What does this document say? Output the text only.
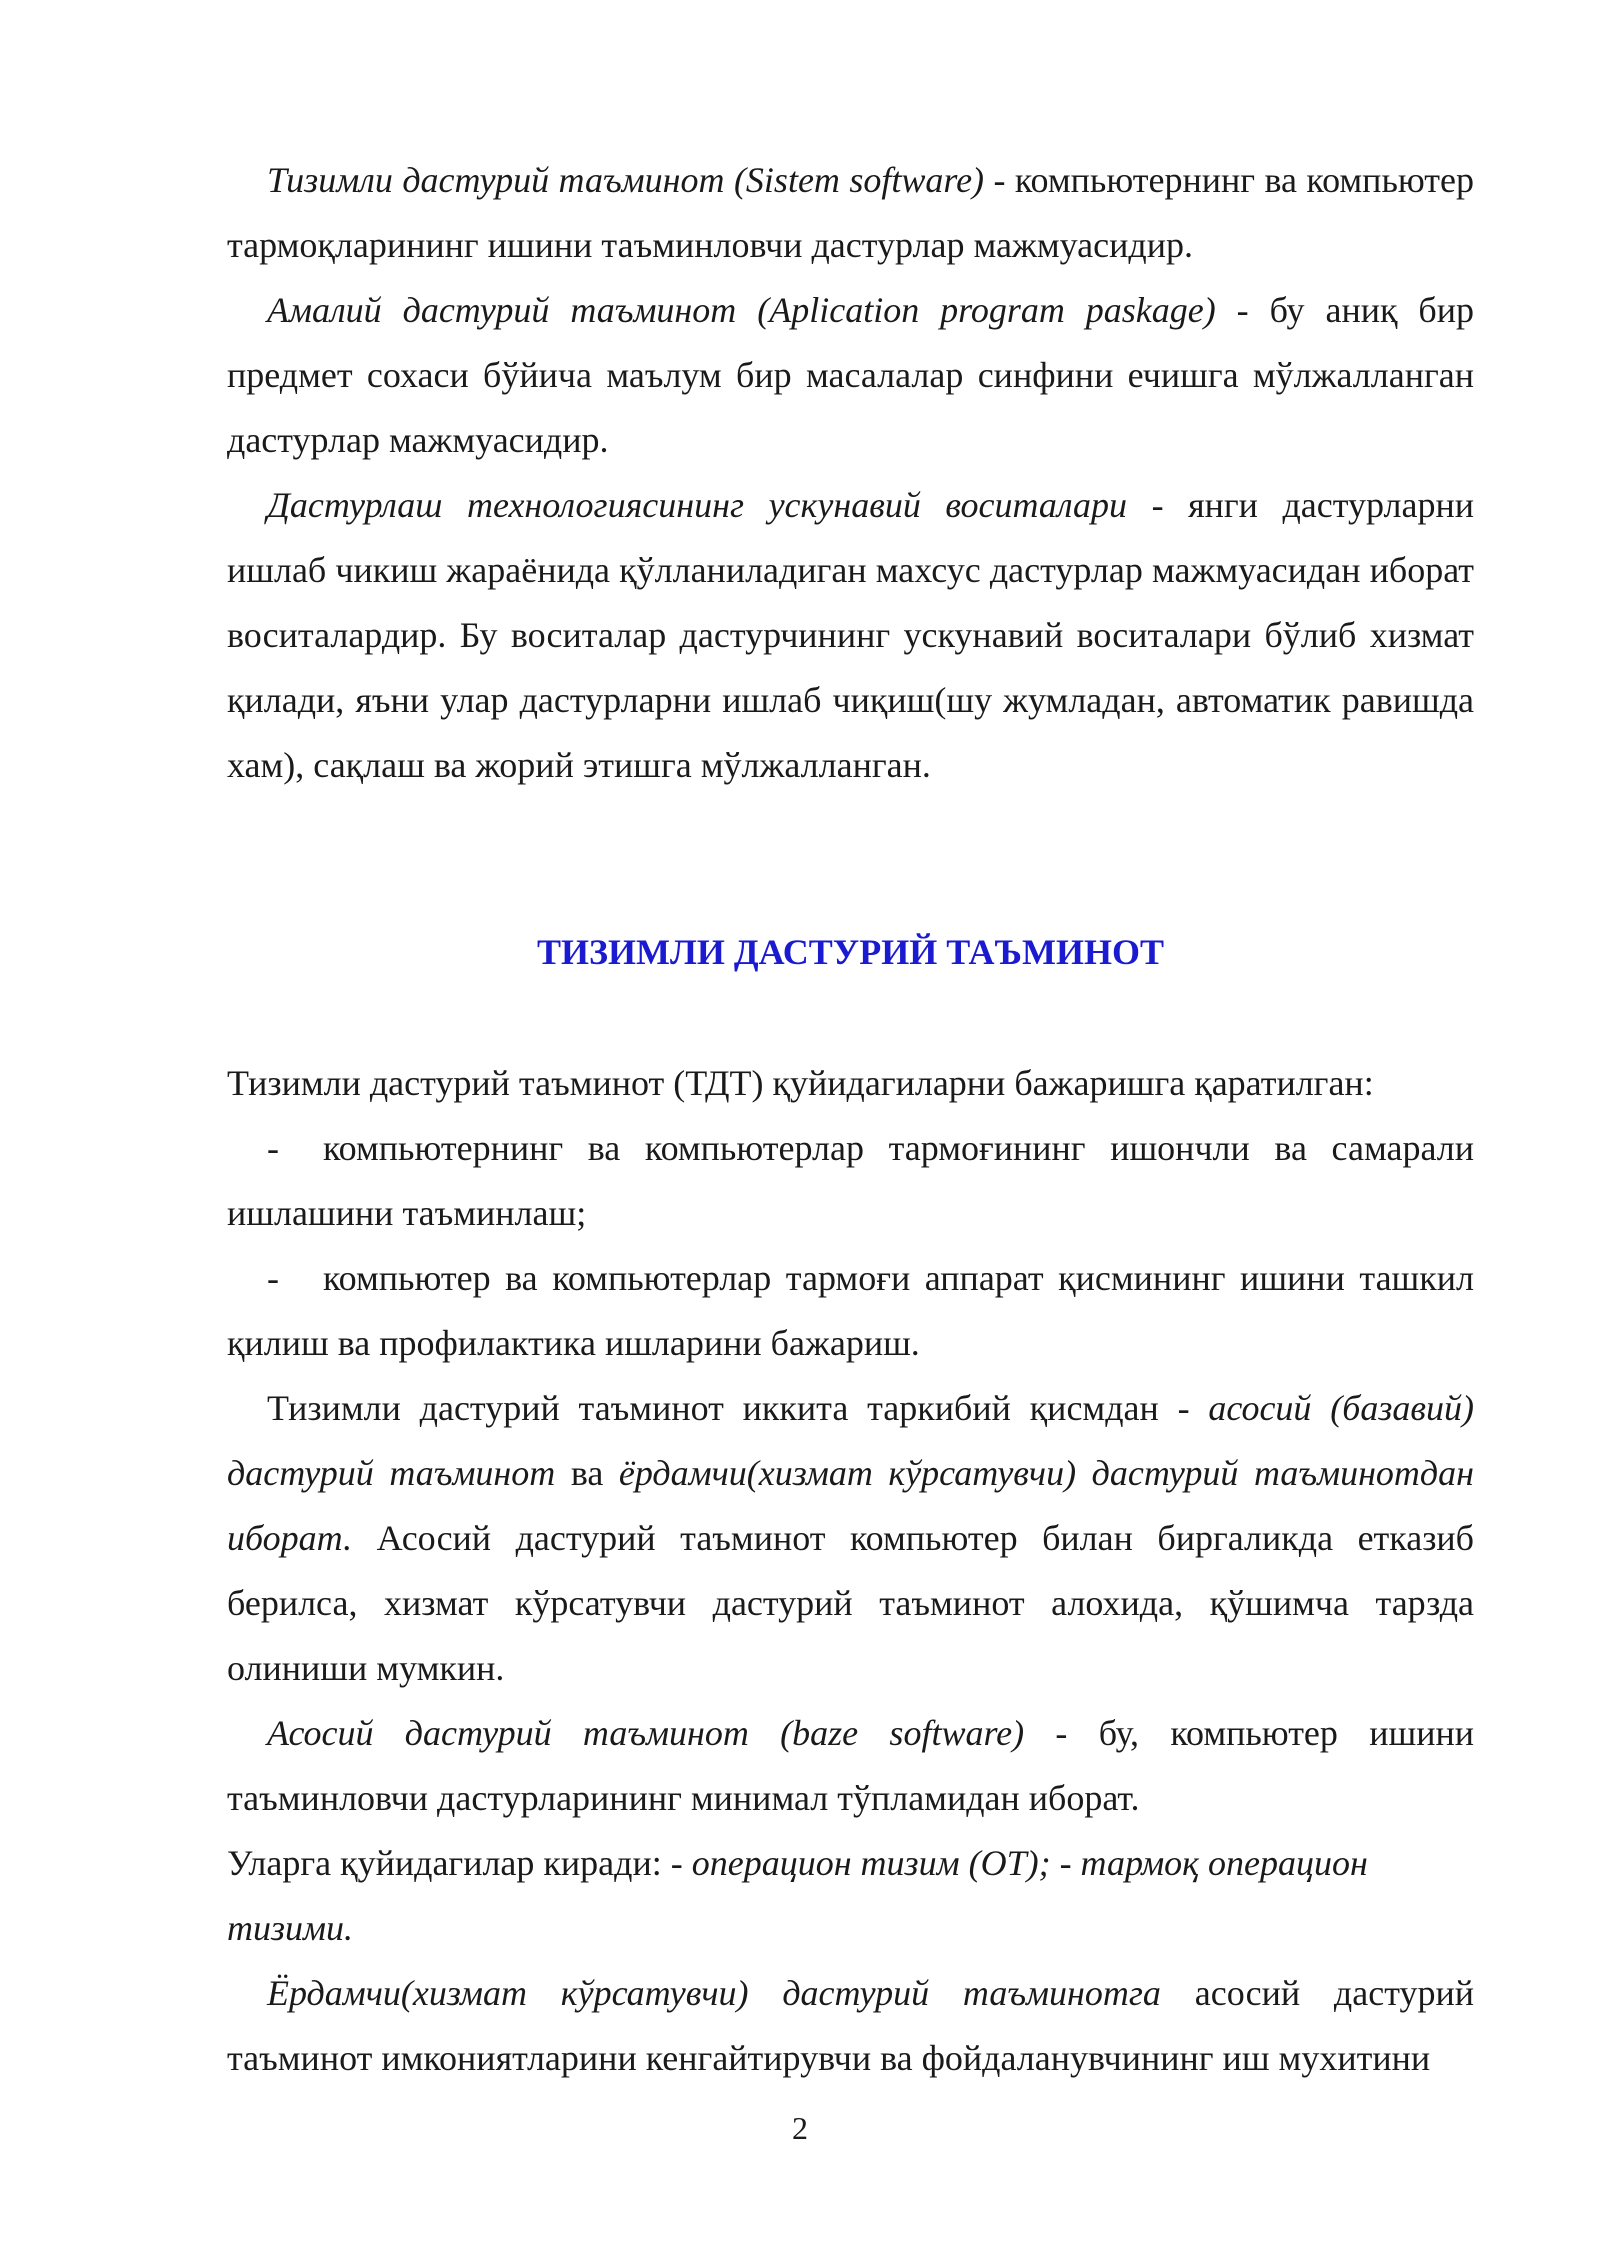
Тизимли дастурий таъминот (Sistem software) - компьютернинг ва компьютер тармоқларининг ишини таъминловчи дастурлар мажмуасидир.

Амалий дастурий таъминот (Aplication program paskage) - бу аниқ бир предмет сохаси бўйича маълум бир масалалар синфини ечишга мўлжалланган дастурлар мажмуасидир.

Дастурлаш технологиясининг ускунавий воситалари - янги дастурларни ишлаб чикиш жараёнида қўлланиладиган махсус дастурлар мажмуасидан иборат воситалардир. Бу воситалар дастурчининг ускунавий воситалари бўлиб хизмат қилади, яъни улар дастурларни ишлаб чиқиш(шу жумладан, автоматик равишда хам), сақлаш ва жорий этишга мўлжалланган.

ТИЗИМЛИ ДАСТУРИЙ ТАЪМИНОТ

Тизимли дастурий таъминот (ТДТ) қуйидагиларни бажаришга қаратилган:

- компьютернинг ва компьютерлар тармоғининг ишончли ва самарали ишлашини таъминлаш;

- компьютер ва компьютерлар тармоғи аппарат қисмининг ишини ташкил қилиш ва профилактика ишларини бажариш.

Тизимли дастурий таъминот иккита таркибий қисмдан - асосий (базавий) дастурий таъминот ва ёрдамчи(хизмат кўрсатувчи) дастурий таъминотдан иборат. Асосий дастурий таъминот компьютер билан биргаликда етказиб берилса, хизмат кўрсатувчи дастурий таъминот алохида, қўшимча тарзда олиниши мумкин.

Асосий дастурий таъминот (baze software) - бу, компьютер ишини таъминловчи дастурларининг минимал тўпламидан иборат.

Уларга қуйидагилар киради: - операцион тизим (ОТ); - тармоқ операцион тизими.

Ёрдамчи(хизмат кўрсатувчи) дастурий таъминотга асосий дастурий таъминот имкониятларини кенгайтирувчи ва фойдаланувчининг иш мухитини

2
